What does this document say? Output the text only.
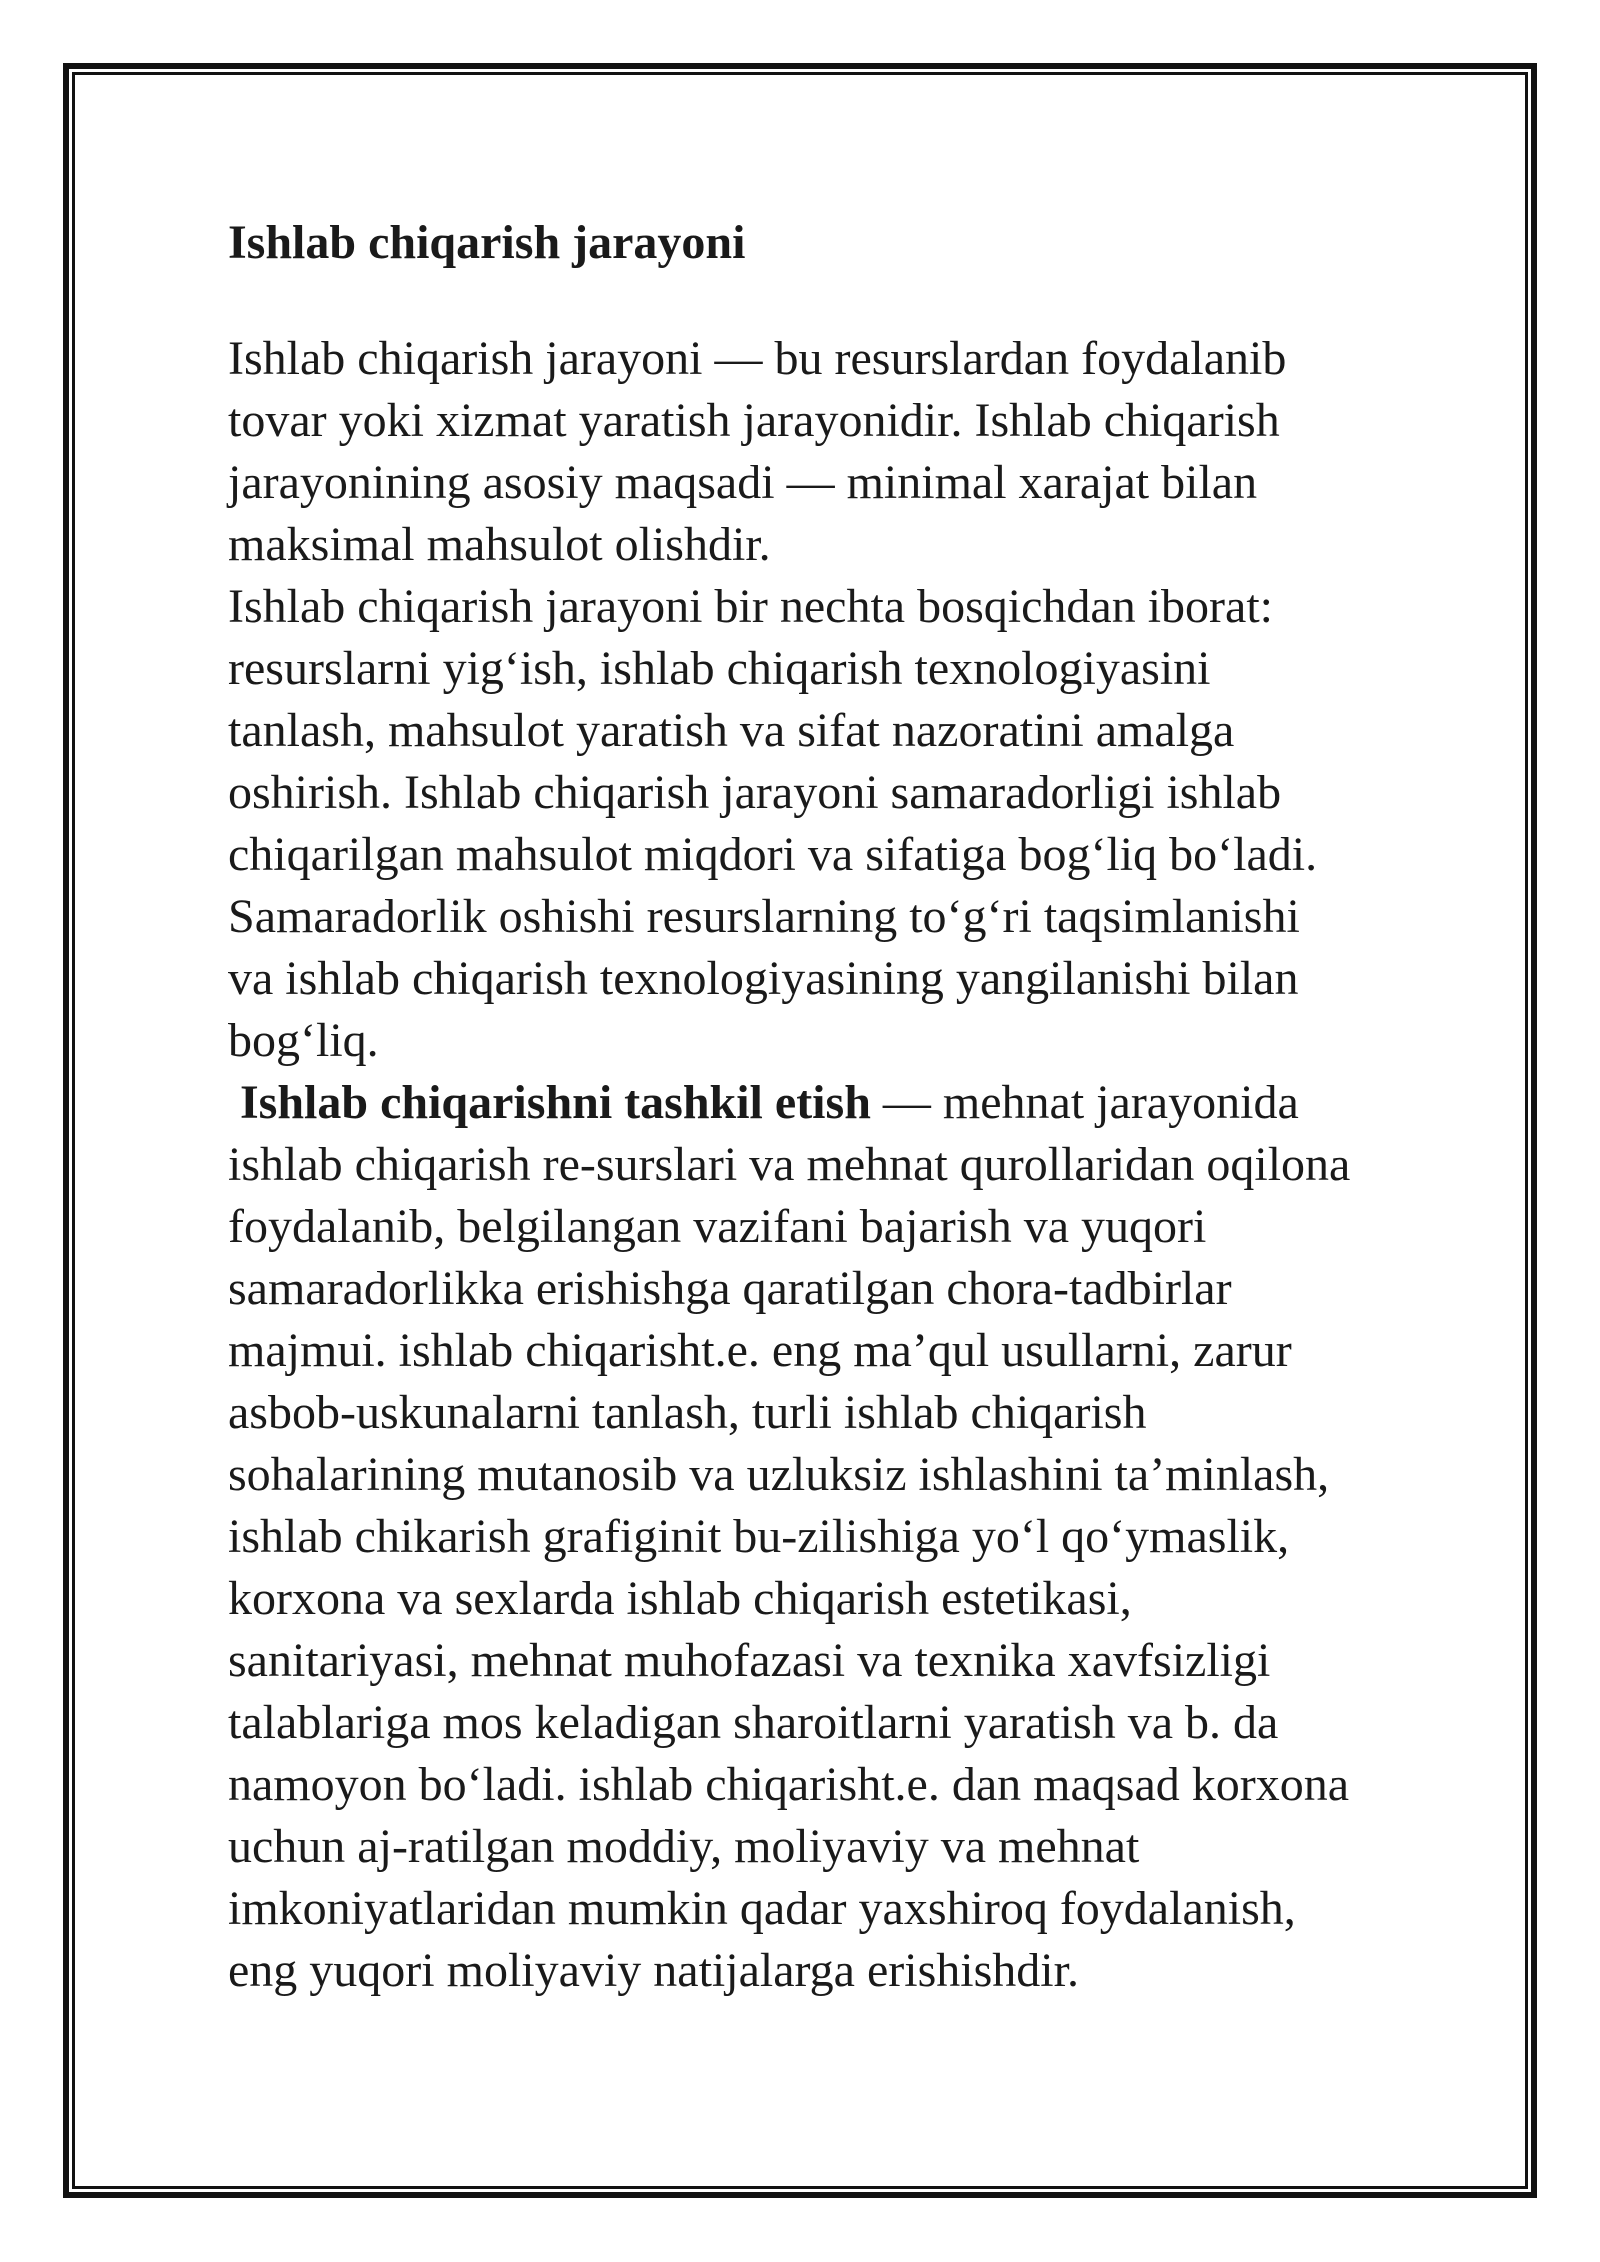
Ishlab chiqarish jarayoni
Ishlab chiqarish jarayoni — bu resurslardan foydalanib
tovar yoki xizmat yaratish jarayonidir. Ishlab chiqarish
jarayonining asosiy maqsadi — minimal xarajat bilan
maksimal mahsulot olishdir.
Ishlab chiqarish jarayoni bir nechta bosqichdan iborat:
resurslarni yig‘ish, ishlab chiqarish texnologiyasini
tanlash, mahsulot yaratish va sifat nazoratini amalga
oshirish. Ishlab chiqarish jarayoni samaradorligi ishlab
chiqarilgan mahsulot miqdori va sifatiga bog‘liq bo‘ladi.
Samaradorlik oshishi resurslarning to‘g‘ri taqsimlanishi
va ishlab chiqarish texnologiyasining yangilanishi bilan
bog‘liq.
Ishlab chiqarishni tashkil etish — mehnat jarayonida
ishlab chiqarish re-surslari va mehnat qurollaridan oqilona
foydalanib, belgilangan vazifani bajarish va yuqori
samaradorlikka erishishga qaratilgan chora-tadbirlar
majmui. ishlab chiqarisht.e. eng ma’qul usullarni, zarur
asbob-uskunalarni tanlash, turli ishlab chiqarish
sohalarining mutanosib va uzluksiz ishlashini ta’minlash,
ishlab chikarish grafiginit bu-zilishiga yo‘l qo‘ymaslik,
korxona va sexlarda ishlab chiqarish estetikasi,
sanitariyasi, mehnat muhofazasi va texnika xavfsizligi
talablariga mos keladigan sharoitlarni yaratish va b. da
namoyon bo‘ladi. ishlab chiqarisht.e. dan maqsad korxona
uchun aj-ratilgan moddiy, moliyaviy va mehnat
imkoniyatlaridan mumkin qadar yaxshiroq foydalanish,
eng yuqori moliyaviy natijalarga erishishdir.
